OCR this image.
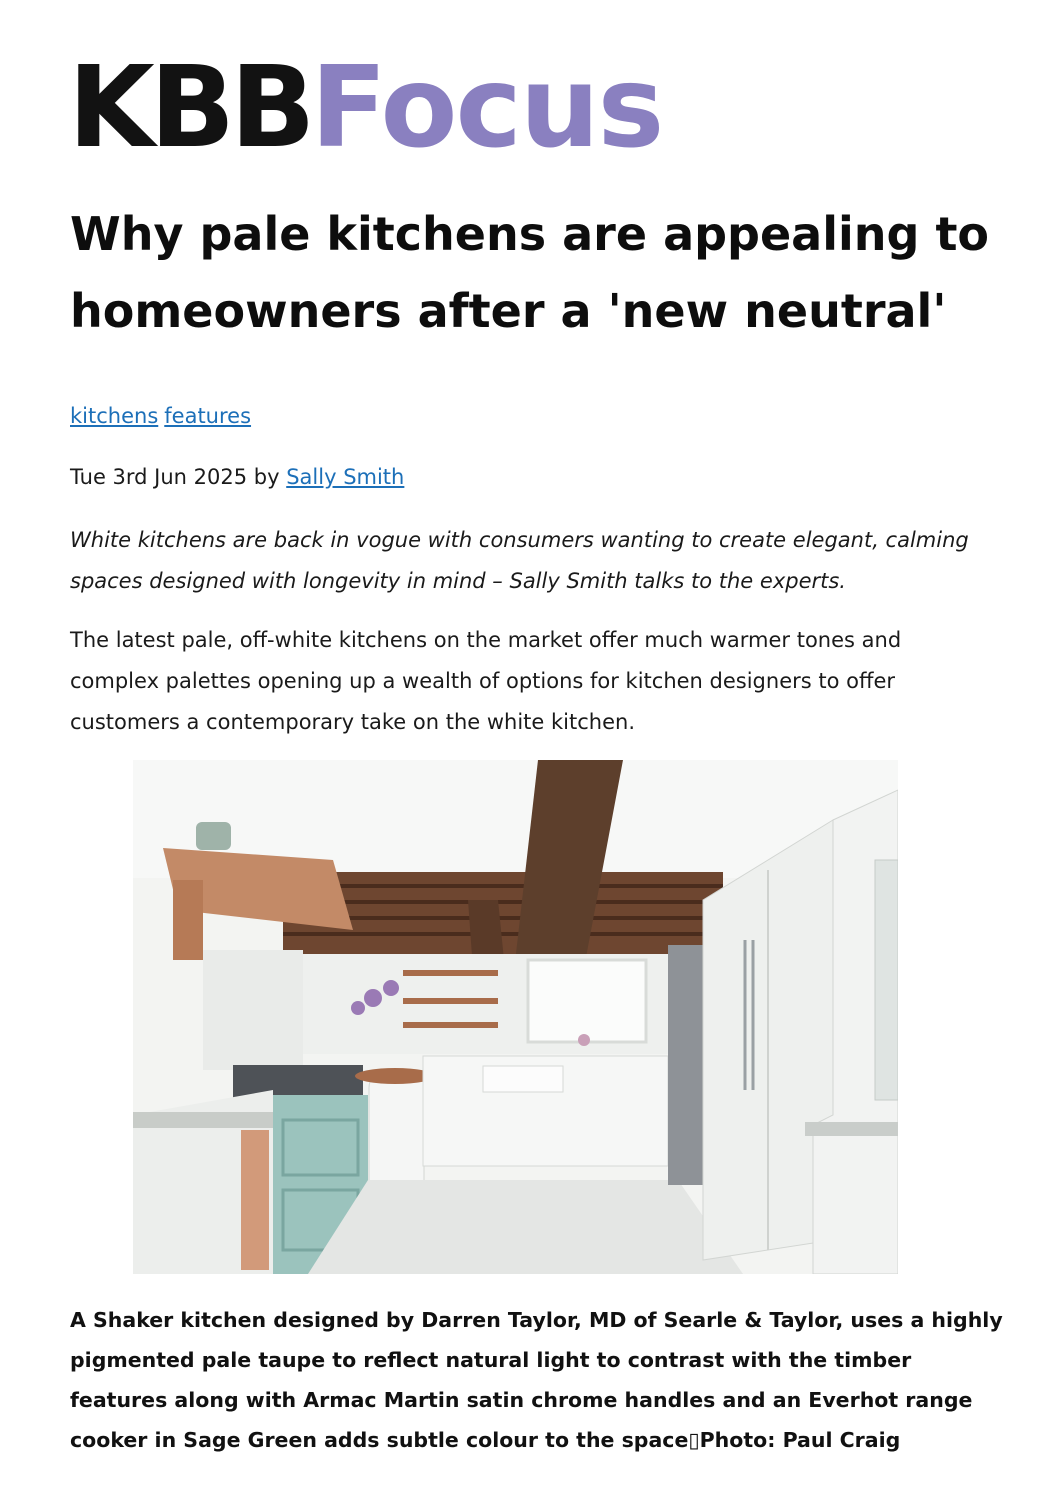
KBBFocus
Why pale kitchens are appealing to homeowners after a 'new neutral'
kitchens features
Tue 3rd Jun 2025 by Sally Smith

White kitchens are back in vogue with consumers wanting to create elegant, calming spaces designed with longevity in mind – Sally Smith talks to the experts.

The latest pale, off-white kitchens on the market offer much warmer tones and complex palettes opening up a wealth of options for kitchen designers to offer customers a contemporary take on the white kitchen.

A Shaker kitchen designed by Darren Taylor, MD of Searle & Taylor, uses a highly pigmented pale taupe to reflect natural light to contrast with the timber features along with Armac Martin satin chrome handles and an Everhot range cooker in Sage Green adds subtle colour to the space▯Photo: Paul Craig
